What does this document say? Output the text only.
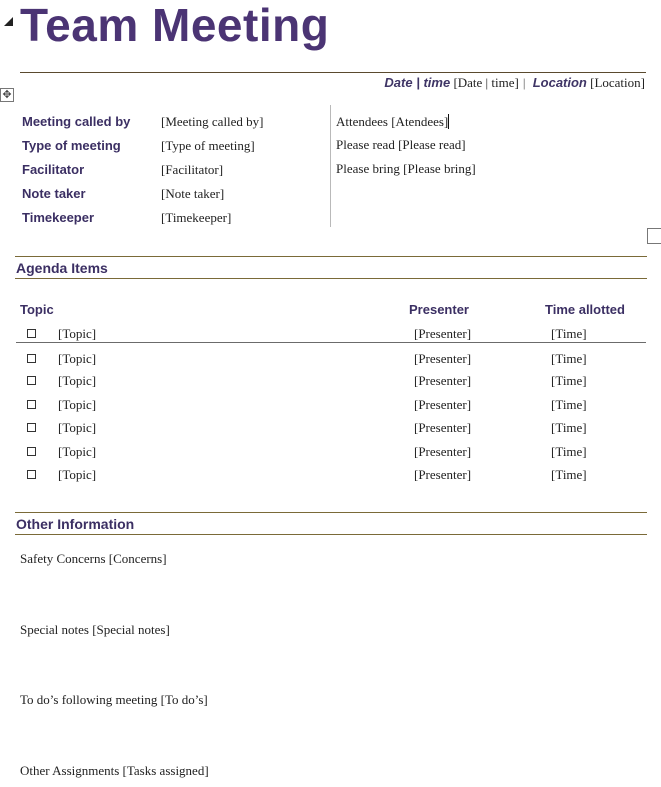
Team Meeting
Date | time [Date | time] | Location [Location]
✥
Meeting called by [Meeting called by]
Type of meeting	[Type of meeting]
Facilitator	[Facilitator]
Note taker	[Note taker]
Timekeeper	[Timekeeper]
Attendees [Atendees]
Please read [Please read]
Please bring [Please bring]
Agenda Items
Topic	Presenter	Time allotted
[Topic]	[Presenter]	[Time]
[Topic]	[Presenter]	[Time]
[Topic]	[Presenter]	[Time]
[Topic]	[Presenter]	[Time]
[Topic]	[Presenter]	[Time]
[Topic]	[Presenter]	[Time]
[Topic]	[Presenter]	[Time]
Other Information
Safety Concerns [Concerns]
Special notes [Special notes]
To do’s following meeting [To do’s]
Other Assignments [Tasks assigned]
